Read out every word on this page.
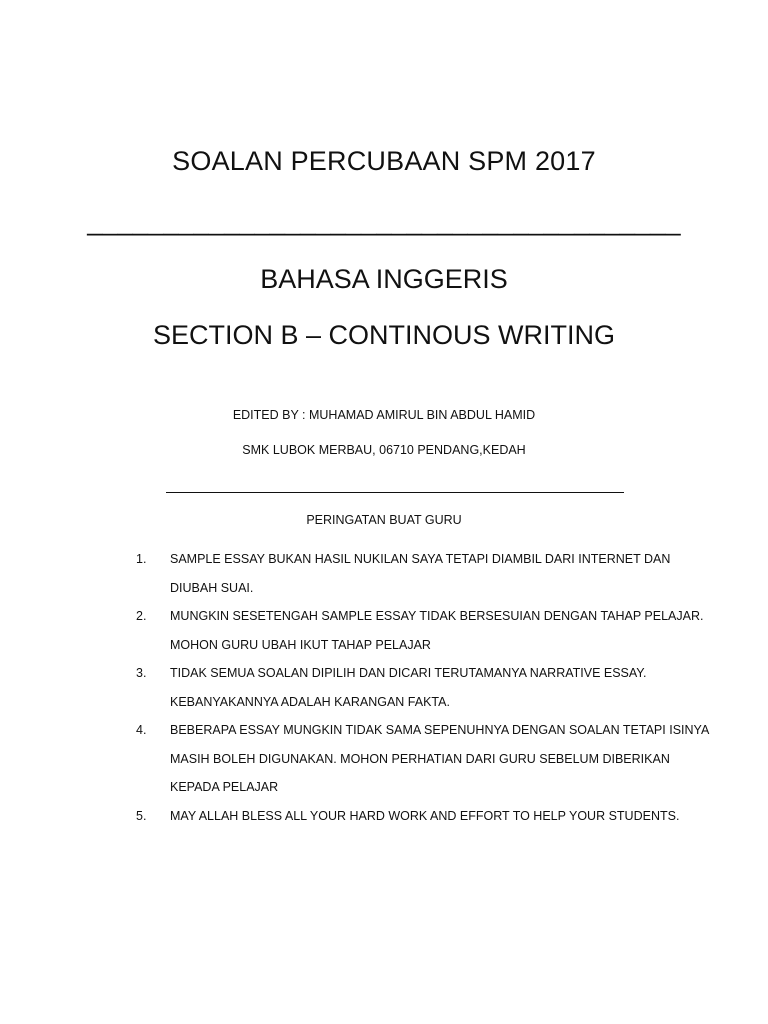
SOALAN PERCUBAAN SPM 2017
_______________________________________
BAHASA INGGERIS
SECTION B – CONTINOUS WRITING
EDITED BY : MUHAMAD AMIRUL BIN ABDUL HAMID
SMK LUBOK MERBAU, 06710 PENDANG,KEDAH
PERINGATAN BUAT GURU
1. SAMPLE ESSAY BUKAN HASIL NUKILAN SAYA TETAPI DIAMBIL DARI INTERNET DAN DIUBAH SUAI.
2. MUNGKIN SESETENGAH SAMPLE ESSAY TIDAK BERSESUIAN DENGAN TAHAP PELAJAR. MOHON GURU UBAH IKUT TAHAP PELAJAR
3. TIDAK SEMUA SOALAN DIPILIH DAN DICARI TERUTAMANYA NARRATIVE ESSAY. KEBANYAKANNYA ADALAH KARANGAN FAKTA.
4. BEBERAPA ESSAY MUNGKIN TIDAK SAMA SEPENUHNYA DENGAN SOALAN TETAPI ISINYA MASIH BOLEH DIGUNAKAN. MOHON PERHATIAN DARI GURU SEBELUM DIBERIKAN KEPADA PELAJAR
5. MAY ALLAH BLESS ALL YOUR HARD WORK AND EFFORT TO HELP YOUR STUDENTS.
